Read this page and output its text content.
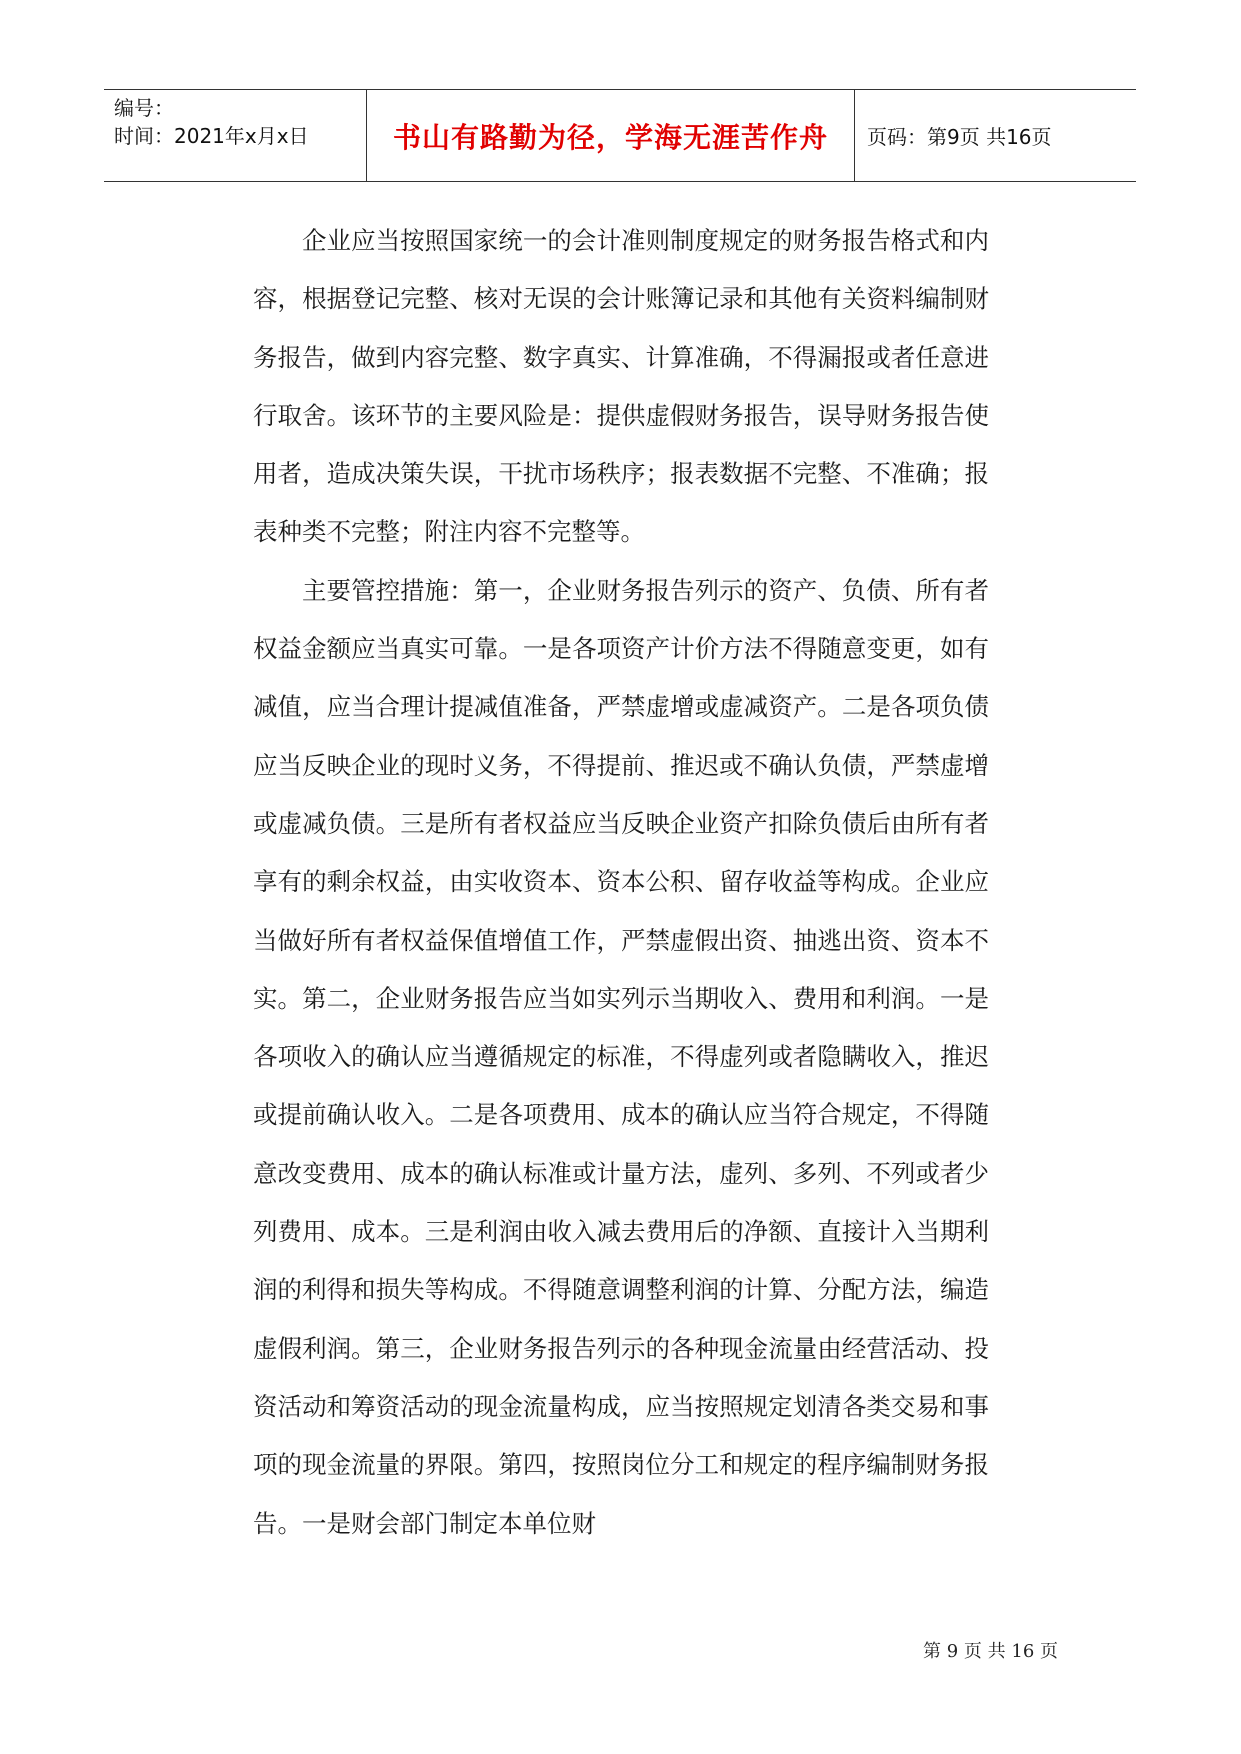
编号：
时间：2021年x月x日	书山有路勤为径，学海无涯苦作舟 页码：第9页 共16页

企业应当按照国家统一的会计准则制度规定的财务报告格式和内容，根据登记完整、核对无误的会计账簿记录和其他有关资料编制财务报告，做到内容完整、数字真实、计算准确，不得漏报或者任意进行取舍。该环节的主要风险是：提供虚假财务报告，误导财务报告使用者，造成决策失误，干扰市场秩序；报表数据不完整、不准确；报表种类不完整；附注内容不完整等。

主要管控措施：第一，企业财务报告列示的资产、负债、所有者权益金额应当真实可靠。一是各项资产计价方法不得随意变更，如有减值，应当合理计提减值准备，严禁虚增或虚减资产。二是各项负债应当反映企业的现时义务，不得提前、推迟或不确认负债，严禁虚增或虚减负债。三是所有者权益应当反映企业资产扣除负债后由所有者享有的剩余权益，由实收资本、资本公积、留存收益等构成。企业应当做好所有者权益保值增值工作，严禁虚假出资、抽逃出资、资本不实。第二，企业财务报告应当如实列示当期收入、费用和利润。一是各项收入的确认应当遵循规定的标准，不得虚列或者隐瞒收入，推迟或提前确认收入。二是各项费用、成本的确认应当符合规定，不得随意改变费用、成本的确认标准或计量方法，虚列、多列、不列或者少列费用、成本。三是利润由收入减去费用后的净额、直接计入当期利润的利得和损失等构成。不得随意调整利润的计算、分配方法，编造虚假利润。第三，企业财务报告列示的各种现金流量由经营活动、投资活动和筹资活动的现金流量构成，应当按照规定划清各类交易和事项的现金流量的界限。第四，按照岗位分工和规定的程序编制财务报告。一是财会部门制定本单位财

第 9 页 共 16 页
